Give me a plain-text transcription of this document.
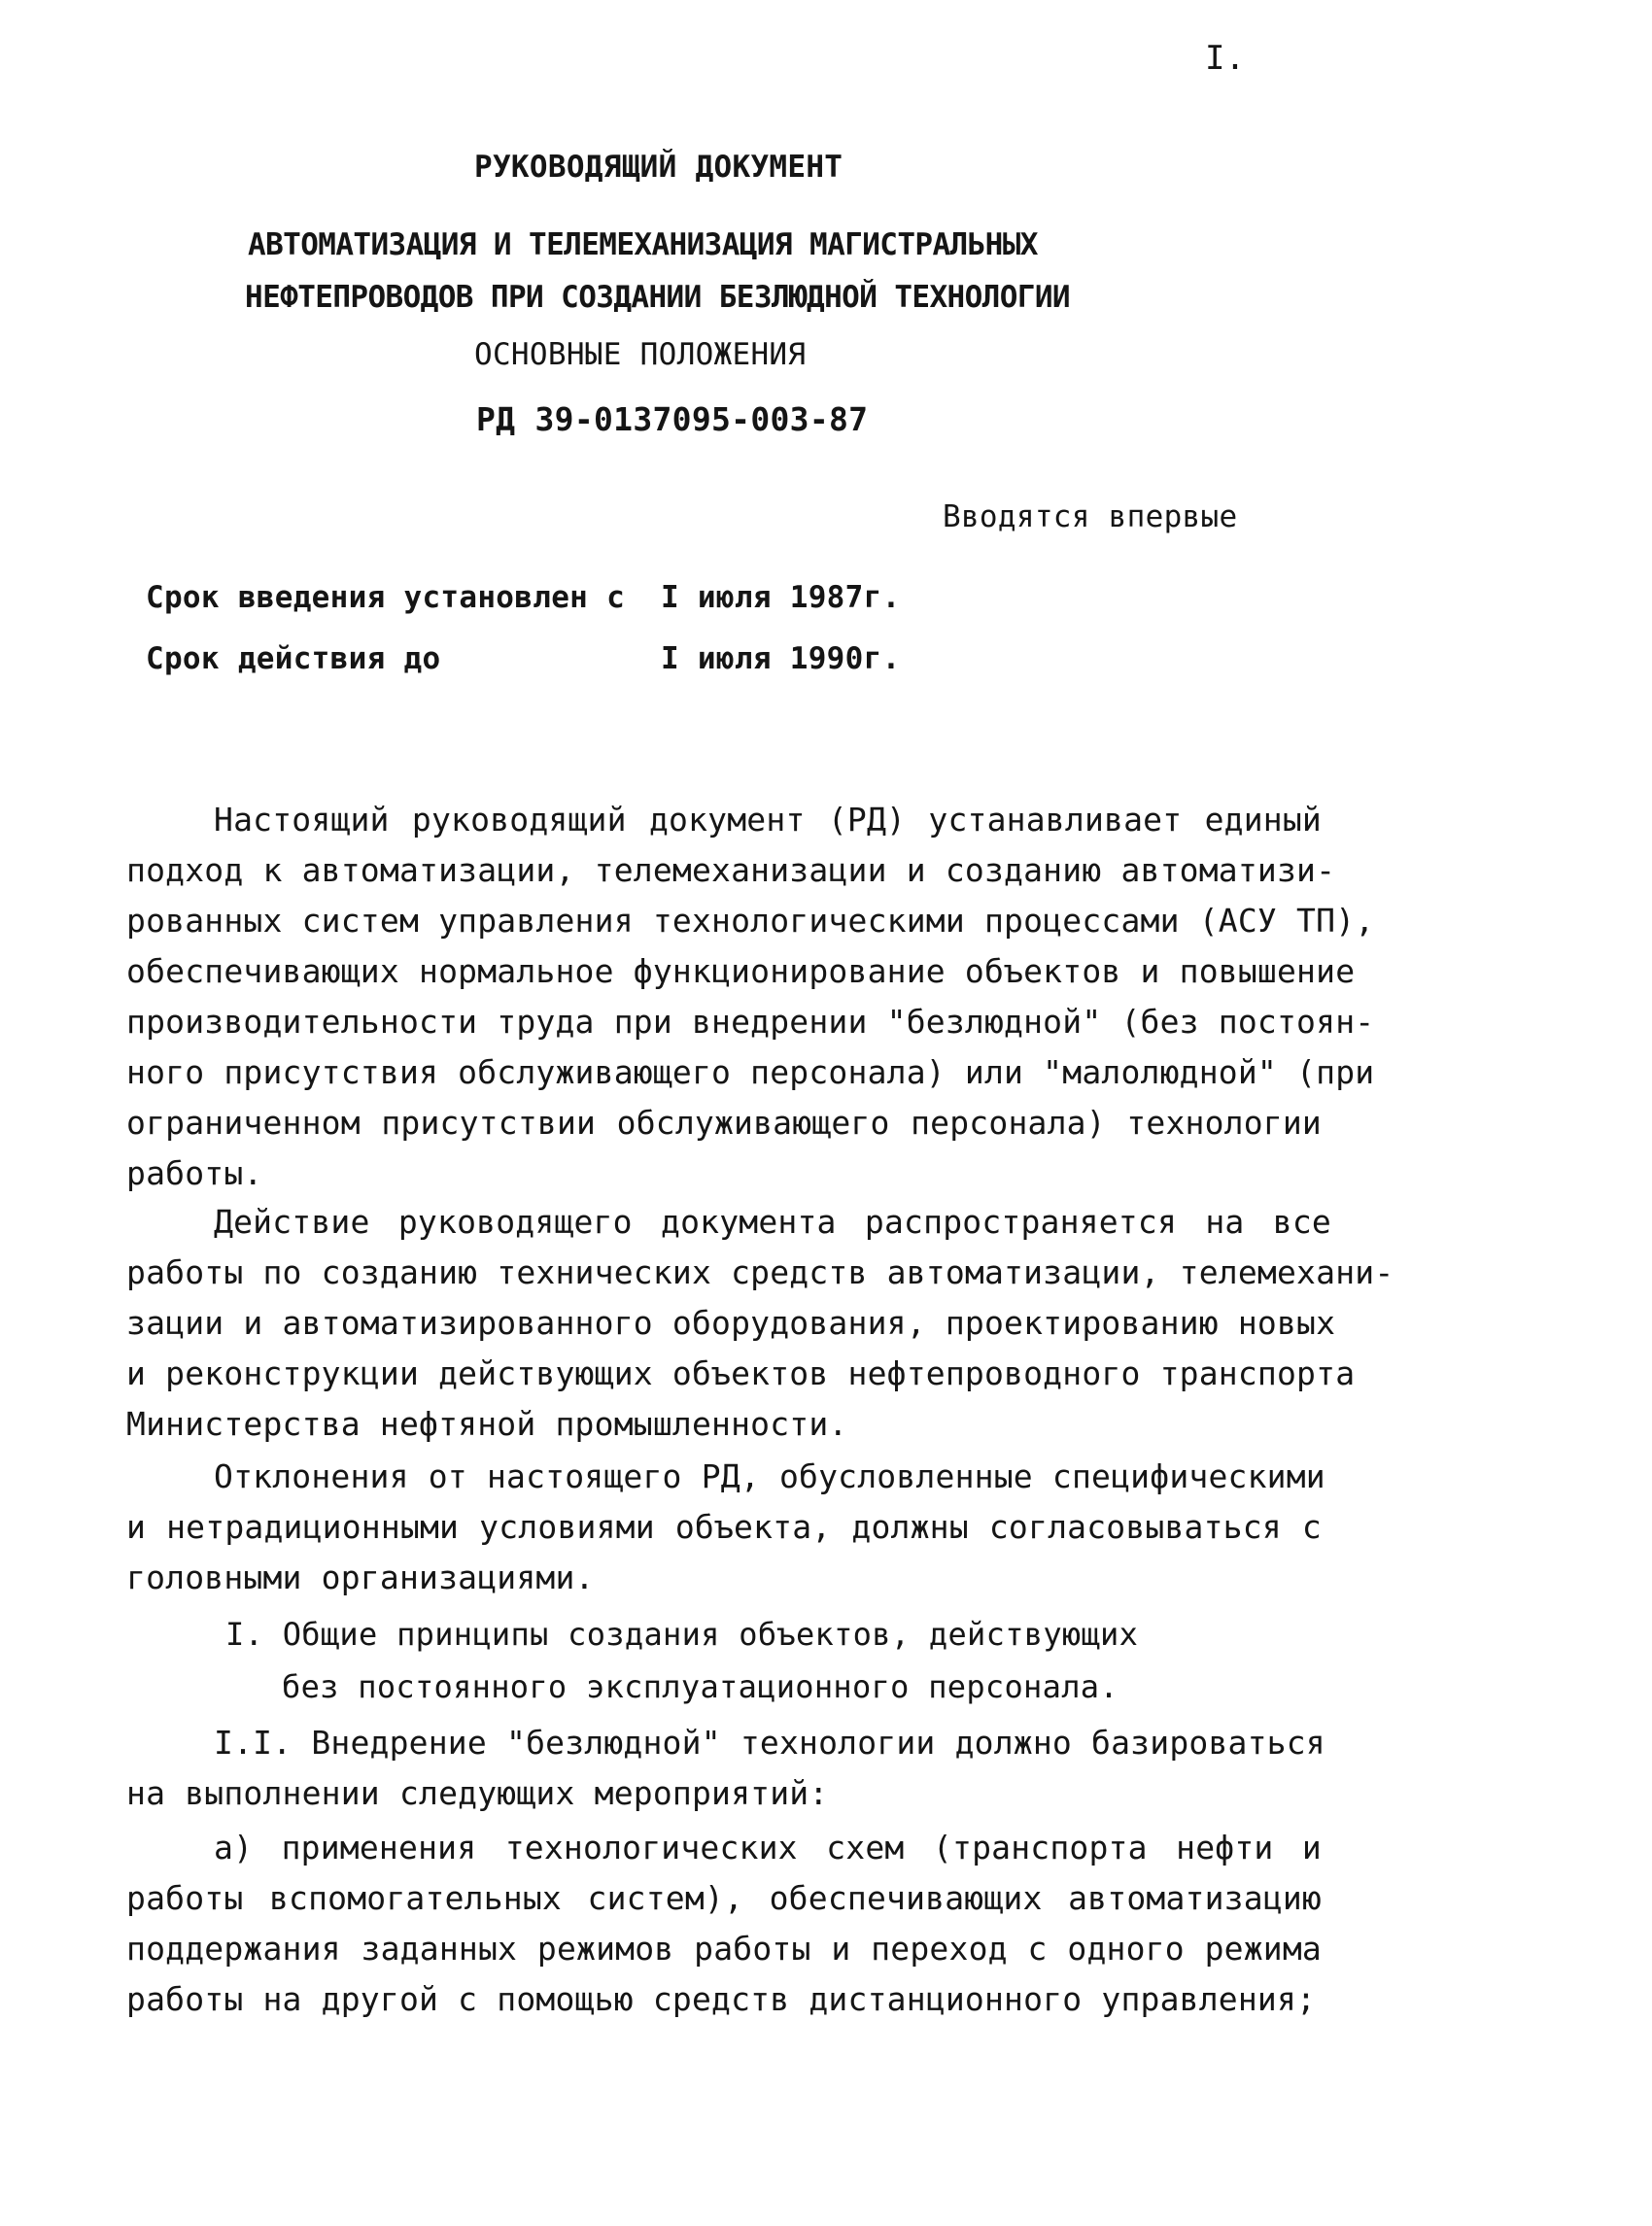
I.
РУКОВОДЯЩИЙ ДОКУМЕНТ
АВТОМАТИЗАЦИЯ И ТЕЛЕМЕХАНИЗАЦИЯ МАГИСТРАЛЬНЫХ
НЕФТЕПРОВОДОВ ПРИ СОЗДАНИИ БЕЗЛЮДНОЙ ТЕХНОЛОГИИ
ОСНОВНЫЕ ПОЛОЖЕНИЯ
РД 39-0137095-003-87
Вводятся впервые
Срок введения установлен с I июля 1987г.
Срок действия до	I июля 1990г.
Настоящий руководящий документ (РД) устанавливает единый
подход к автоматизации, телемеханизации и созданию автоматизи-
рованных систем управления технологическими процессами (АСУ ТП),
обеспечивающих нормальное функционирование объектов и повышение
производительности труда при внедрении "безлюдной" (без постоян-
ного присутствия обслуживающего персонала) или "малолюдной" (при
ограниченном присутствии обслуживающего персонала) технологии
работы.
Действие руководящего документа распространяется на все
работы по созданию технических средств автоматизации, телемехани-
зации и автоматизированного оборудования, проектированию новых
и реконструкции действующих объектов нефтепроводного транспорта
Министерства нефтяной промышленности.
Отклонения от настоящего РД, обусловленные специфическими
и нетрадиционными условиями объекта, должны согласовываться с
головными организациями.
I. Общие принципы создания объектов, действующих
без постоянного эксплуатационного персонала.
I.I. Внедрение "безлюдной" технологии должно базироваться
на выполнении следующих мероприятий:
а) применения технологических схем (транспорта нефти и
работы вспомогательных систем), обеспечивающих автоматизацию
поддержания заданных режимов работы и переход с одного режима
работы на другой с помощью средств дистанционного управления;
